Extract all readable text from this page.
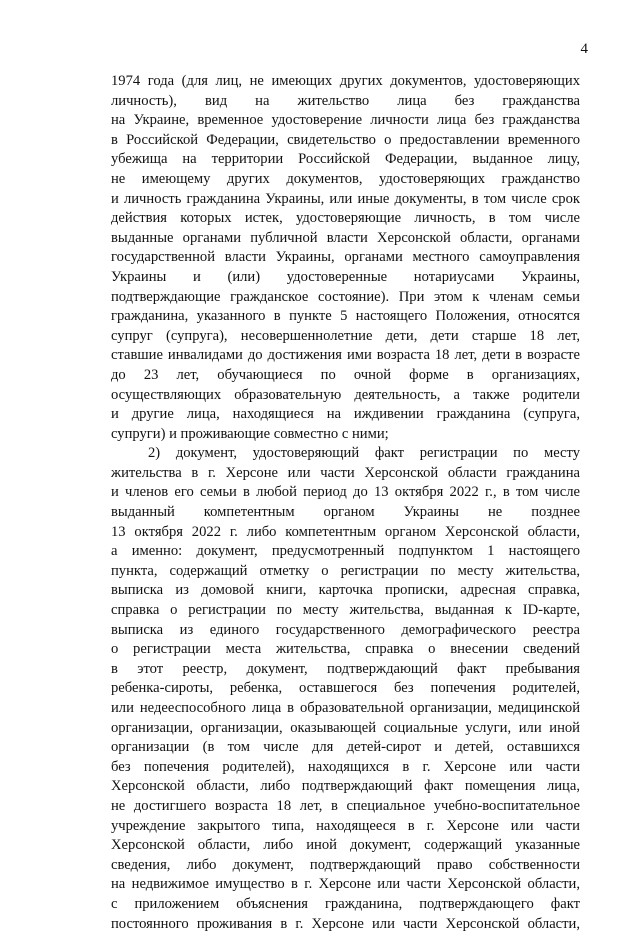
4
1974 года (для лиц, не имеющих других документов, удостоверяющих
личность), вид на жительство лица без гражданства
на Украине, временное удостоверение личности лица без гражданства
в Российской Федерации, свидетельство о предоставлении временного
убежища на территории Российской Федерации, выданное лицу,
не имеющему других документов, удостоверяющих гражданство
и личность гражданина Украины, или иные документы, в том числе срок
действия которых истек, удостоверяющие личность, в том числе
выданные органами публичной власти Херсонской области, органами
государственной власти Украины, органами местного самоуправления
Украины и (или) удостоверенные нотариусами Украины,
подтверждающие гражданское состояние). При этом к членам семьи
гражданина, указанного в пункте 5 настоящего Положения, относятся
супруг (супруга), несовершеннолетние дети, дети старше 18 лет,
ставшие инвалидами до достижения ими возраста 18 лет, дети в возрасте
до 23 лет, обучающиеся по очной форме в организациях,
осуществляющих образовательную деятельность, а также родители
и другие лица, находящиеся на иждивении гражданина (супруга,
супруги) и проживающие совместно с ними;
2) документ, удостоверяющий факт регистрации по месту
жительства в г. Херсоне или части Херсонской области гражданина
и членов его семьи в любой период до 13 октября 2022 г., в том числе
выданный компетентным органом Украины не позднее
13 октября 2022 г. либо компетентным органом Херсонской области,
а именно: документ, предусмотренный подпунктом 1 настоящего
пункта, содержащий отметку о регистрации по месту жительства,
выписка из домовой книги, карточка прописки, адресная справка,
справка о регистрации по месту жительства, выданная к ID-карте,
выписка из единого государственного демографического реестра
о регистрации места жительства, справка о внесении сведений
в этот реестр, документ, подтверждающий факт пребывания
ребенка-сироты, ребенка, оставшегося без попечения родителей,
или недееспособного лица в образовательной организации, медицинской
организации, организации, оказывающей социальные услуги, или иной
организации (в том числе для детей-сирот и детей, оставшихся
без попечения родителей), находящихся в г. Херсоне или части
Херсонской области, либо подтверждающий факт помещения лица,
не достигшего возраста 18 лет, в специальное учебно-воспитательное
учреждение закрытого типа, находящееся в г. Херсоне или части
Херсонской области, либо иной документ, содержащий указанные
сведения, либо документ, подтверждающий право собственности
на недвижимое имущество в г. Херсоне или части Херсонской области,
с приложением объяснения гражданина, подтверждающего факт
постоянного проживания в г. Херсоне или части Херсонской области,
